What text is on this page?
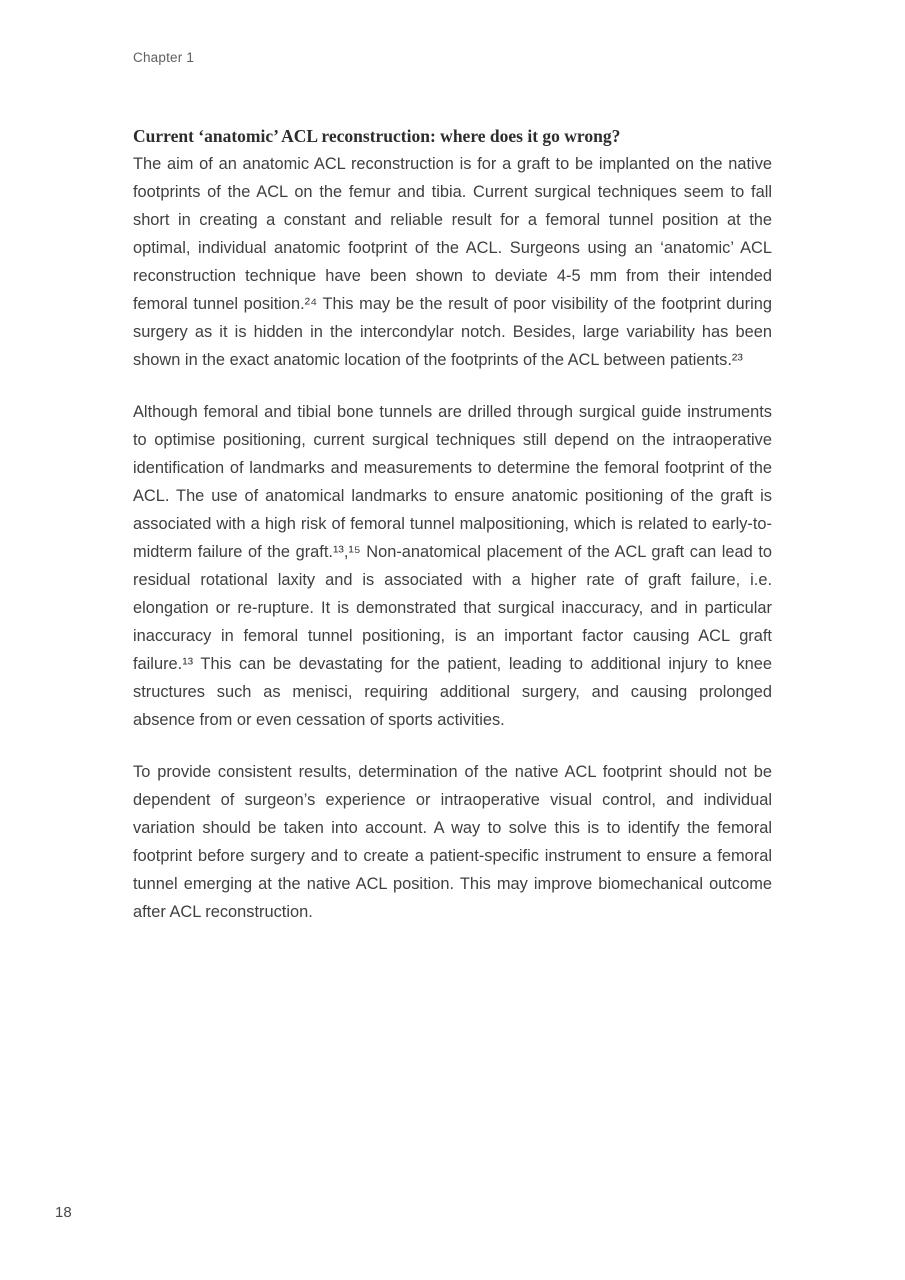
Chapter 1
Current ‘anatomic’ ACL reconstruction: where does it go wrong?

The aim of an anatomic ACL reconstruction is for a graft to be implanted on the native footprints of the ACL on the femur and tibia. Current surgical techniques seem to fall short in creating a constant and reliable result for a femoral tunnel position at the optimal, individual anatomic footprint of the ACL. Surgeons using an ‘anatomic’ ACL reconstruction technique have been shown to deviate 4-5 mm from their intended femoral tunnel position.²⁴ This may be the result of poor visibility of the footprint during surgery as it is hidden in the intercondylar notch. Besides, large variability has been shown in the exact anatomic location of the footprints of the ACL between patients.²³

Although femoral and tibial bone tunnels are drilled through surgical guide instruments to optimise positioning, current surgical techniques still depend on the intraoperative identification of landmarks and measurements to determine the femoral footprint of the ACL. The use of anatomical landmarks to ensure anatomic positioning of the graft is associated with a high risk of femoral tunnel malpositioning, which is related to early-to-midterm failure of the graft.¹³,¹⁵ Non-anatomical placement of the ACL graft can lead to residual rotational laxity and is associated with a higher rate of graft failure, i.e. elongation or re-rupture. It is demonstrated that surgical inaccuracy, and in particular inaccuracy in femoral tunnel positioning, is an important factor causing ACL graft failure.¹³ This can be devastating for the patient, leading to additional injury to knee structures such as menisci, requiring additional surgery, and causing prolonged absence from or even cessation of sports activities.

To provide consistent results, determination of the native ACL footprint should not be dependent of surgeon’s experience or intraoperative visual control, and individual variation should be taken into account. A way to solve this is to identify the femoral footprint before surgery and to create a patient-specific instrument to ensure a femoral tunnel emerging at the native ACL position. This may improve biomechanical outcome after ACL reconstruction.

18
